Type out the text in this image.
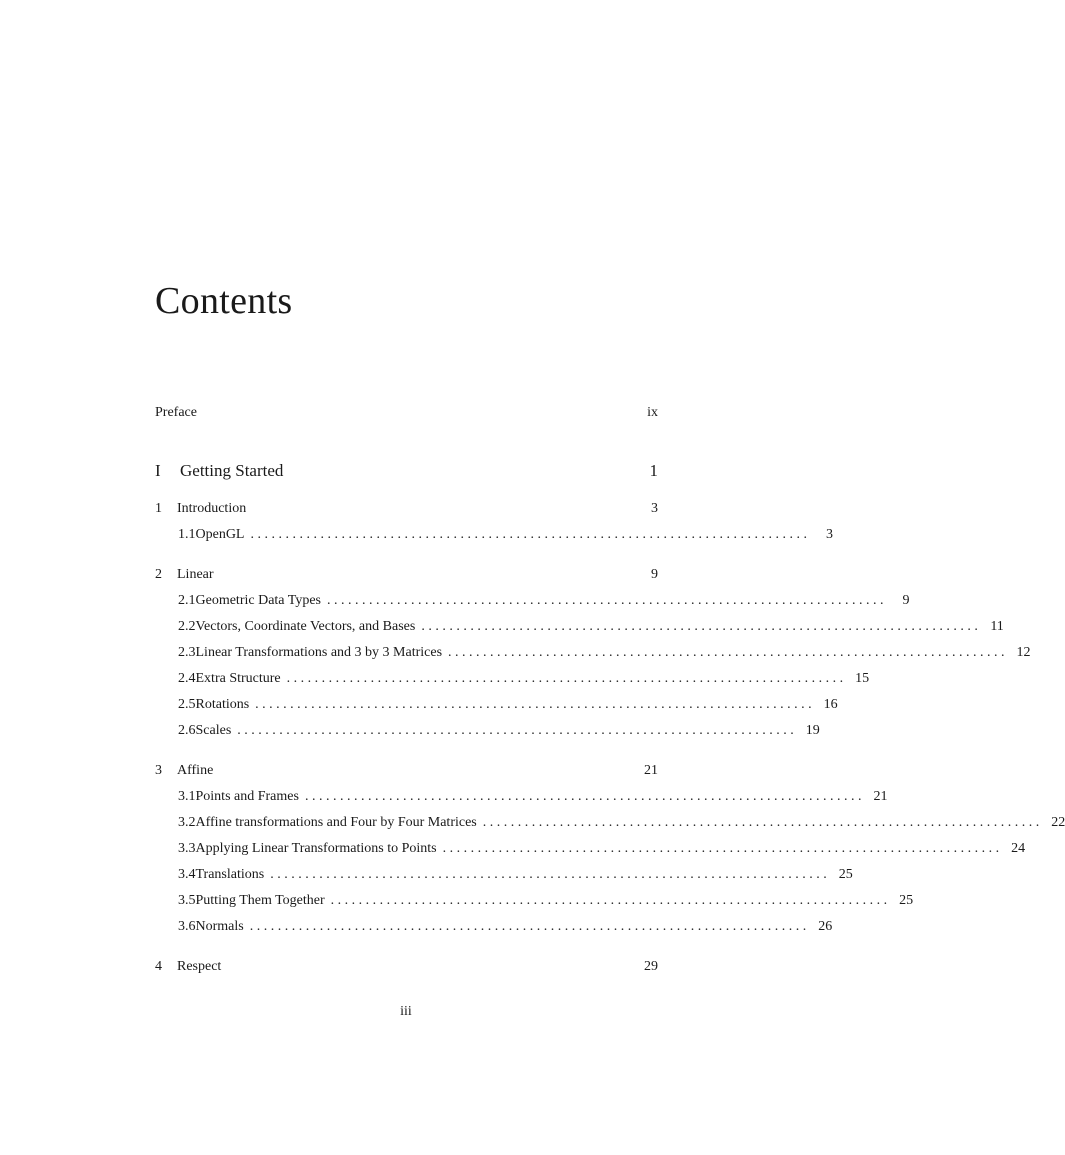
Contents
Preface	ix
I	Getting Started	1
1	Introduction	3
1.1 OpenGL . . . . . . . . . . . . . . . . . . . . . . . . . . . . . . . . . . . . . . . . . . . . . . . . . . . . . . . . . . . . . . . . . . . . . . . . . . . . . . . .	3
2	Linear	9
2.1 Geometric Data Types . . . . . . . . . . . . . . . . . . . . . . . . . . . . . . . . . . . . . . . . . . . . . . . . . . . . . . . . . . . . . . . . . . . . . . . . . . . . . . . .	9
2.2 Vectors, Coordinate Vectors, and Bases . . . . . . . . . . . . . . . . . . . . . . . . . . . . . . . . . . . . . . . . . . . . . . . . . . . . . . . . . . . . . . . . . . . . . . . . . . . . . . . . 11
2.3 Linear Transformations and 3 by 3 Matrices . . . . . . . . . . . . . . . . . . . . . . . . . . . . . . . . . . . . . . . . . . . . . . . . . . . . . . . . . . . . . . . . . . . . . . . . . . . . . . . . 12
2.4 Extra Structure . . . . . . . . . . . . . . . . . . . . . . . . . . . . . . . . . . . . . . . . . . . . . . . . . . . . . . . . . . . . . . . . . . . . . . . . . . . . . . . . 15
2.5 Rotations . . . . . . . . . . . . . . . . . . . . . . . . . . . . . . . . . . . . . . . . . . . . . . . . . . . . . . . . . . . . . . . . . . . . . . . . . . . . . . . . 16
2.6 Scales . . . . . . . . . . . . . . . . . . . . . . . . . . . . . . . . . . . . . . . . . . . . . . . . . . . . . . . . . . . . . . . . . . . . . . . . . . . . . . . . 19
3	Affine	21
3.1 Points and Frames . . . . . . . . . . . . . . . . . . . . . . . . . . . . . . . . . . . . . . . . . . . . . . . . . . . . . . . . . . . . . . . . . . . . . . . . . . . . . . . . 21
3.2 Affine transformations and Four by Four Matrices . . . . . . . . . . . . . . . . . . . . . . . . . . . . . . . . . . . . . . . . . . . . . . . . . . . . . . . . . . . . . . . . . . . . . . . . . . . . . . . . 22
3.3 Applying Linear Transformations to Points . . . . . . . . . . . . . . . . . . . . . . . . . . . . . . . . . . . . . . . . . . . . . . . . . . . . . . . . . . . . . . . . . . . . . . . . . . . . . . . . 24
3.4 Translations . . . . . . . . . . . . . . . . . . . . . . . . . . . . . . . . . . . . . . . . . . . . . . . . . . . . . . . . . . . . . . . . . . . . . . . . . . . . . . . . 25
3.5 Putting Them Together . . . . . . . . . . . . . . . . . . . . . . . . . . . . . . . . . . . . . . . . . . . . . . . . . . . . . . . . . . . . . . . . . . . . . . . . . . . . . . . . 25
3.6 Normals . . . . . . . . . . . . . . . . . . . . . . . . . . . . . . . . . . . . . . . . . . . . . . . . . . . . . . . . . . . . . . . . . . . . . . . . . . . . . . . . 26
4	Respect	29
iii
